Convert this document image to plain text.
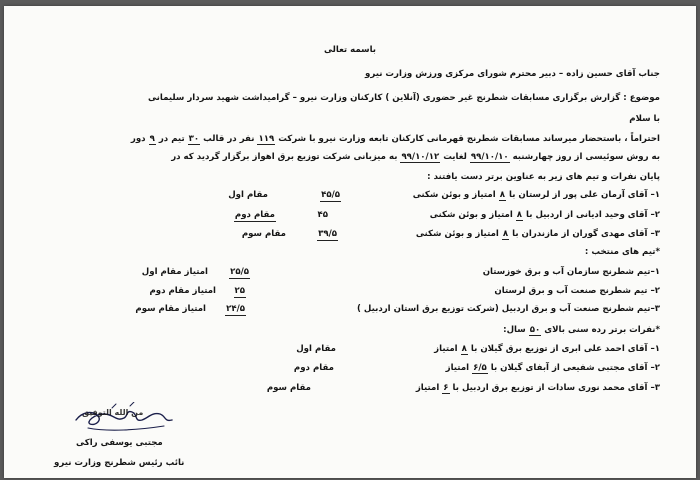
باسمه تعالی
جناب آقای حسین زاده – دبیر محترم شورای مرکزی ورزش وزارت نیرو
موضوع : گزارش برگزاری مسابقات شطرنج غیر حضوری (آنلاین ) کارکنان وزارت نیرو – گرامیداشت شهید سردار سلیمانی
با سلام
احتراماً ، باستحضار میرساند مسابقات شطرنج قهرمانی کارکنان تابعه وزارت نیرو با شرکت ۱۱۹ نفر در قالب ۳۰ تیم در ۹ دور
به روش سوئیسی از روز چهارشنبه ۹۹/۱۰/۱۰ لغایت ۹۹/۱۰/۱۲ به میزبانی شرکت توزیع برق اهواز برگزار گردید که در
پایان نفرات و تیم های زیر به عناوین برتر دست یافتند :
۱– آقای آرمان علی پور از لرستان با ۸ امتیاز و بوئن شکنی
۴۵/۵
مقام اول
۲– آقای وحید ادیانی از اردبیل با ۸ امتیاز و بوئن شکنی
۴۵
مقام دوم
۳– آقای مهدی گوران از مازندران با ۸ امتیاز و بوئن شکنی
۳۹/۵
مقام سوم
*تیم های منتخب :
۱–تیم شطرنج سازمان آب و برق خوزستان
۲۵/۵
امتیاز مقام اول
۲– تیم شطرنج صنعت آب و برق لرستان
۲۵
امتیاز مقام دوم
۳–تیم شطرنج صنعت آب و برق اردبیل (شرکت توزیع برق استان اردبیل )
۲۴/۵
امتیاز مقام سوم
*نفرات برتر رده سنی بالای ۵۰ سال:
۱– آقای احمد علی ابری از توزیع برق گیلان با ۸ امتیاز
مقام اول
۲– آقای مجتبی شفیعی از آبفای گیلان با ۶/۵ امتیاز
مقام دوم
۳– آقای محمد نوری سادات از توزیع برق اردبیل با ۶ امتیاز
مقام سوم
من الله التوفیق
مجتبی یوسفی راکی
نائب رئیس شطرنج وزارت نیرو
